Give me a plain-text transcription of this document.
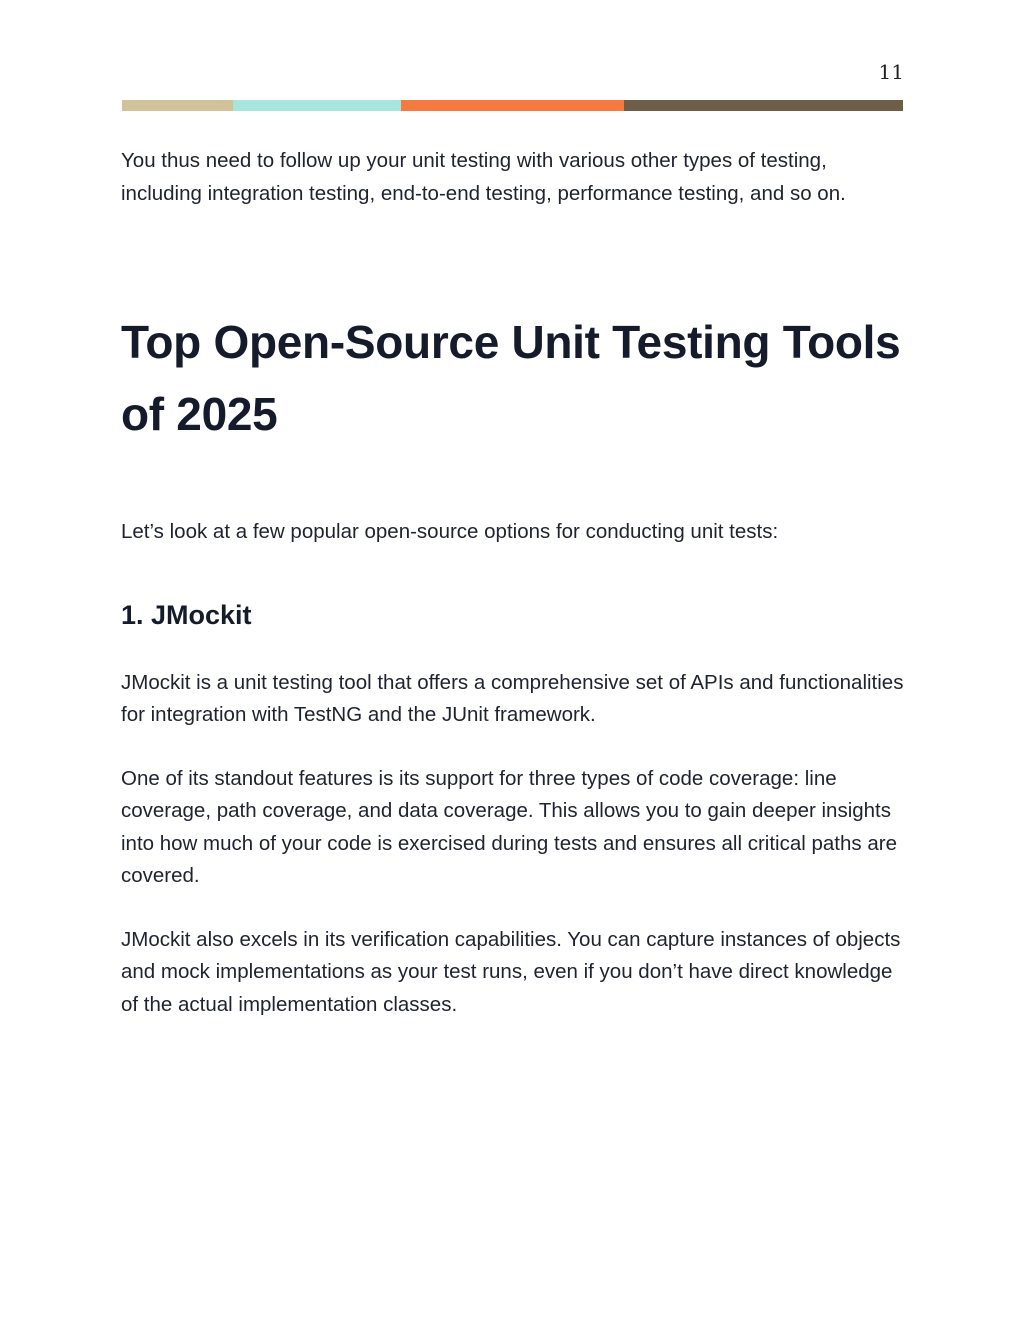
11

You thus need to follow up your unit testing with various other types of testing, including integration testing, end-to-end testing, performance testing, and so on.

Top Open-Source Unit Testing Tools of 2025

Let’s look at a few popular open-source options for conducting unit tests:

1. JMockit

JMockit is a unit testing tool that offers a comprehensive set of APIs and functionalities for integration with TestNG and the JUnit framework.

One of its standout features is its support for three types of code coverage: line coverage, path coverage, and data coverage. This allows you to gain deeper insights into how much of your code is exercised during tests and ensures all critical paths are covered.

JMockit also excels in its verification capabilities. You can capture instances of objects and mock implementations as your test runs, even if you don’t have direct knowledge of the actual implementation classes.
